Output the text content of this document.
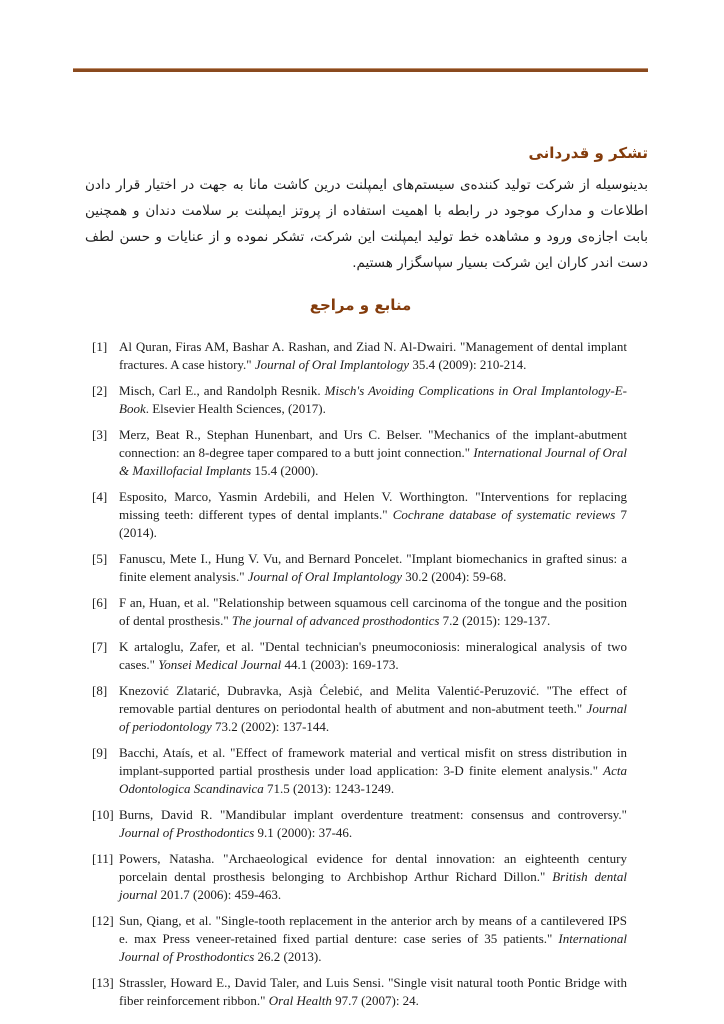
تشکر و قدردانی

بدینوسیله از شرکت تولید کننده‌ی سیستم‌های ایمپلنت درین کاشت مانا به جهت در اختیار قرار دادن اطلاعات و مدارک موجود در رابطه با اهمیت استفاده از پروتز ایمپلنت بر سلامت دندان و همچنین بابت اجازه‌ی ورود و مشاهده خط تولید ایمپلنت این شرکت، تشکر نموده و از عنایات و حسن لطف دست اندر کاران این شرکت بسیار سپاسگزار هستیم.

منابع و مراجع
[1] Al Quran, Firas AM, Bashar A. Rashan, and Ziad N. Al-Dwairi. "Management of dental implant fractures. A case history." Journal of Oral Implantology 35.4 (2009): 210-214.
[2] Misch, Carl E., and Randolph Resnik. Misch's Avoiding Complications in Oral Implantology-E-Book. Elsevier Health Sciences, (2017).
[3] Merz, Beat R., Stephan Hunenbart, and Urs C. Belser. "Mechanics of the implant-abutment connection: an 8-degree taper compared to a butt joint connection." International Journal of Oral & Maxillofacial Implants 15.4 (2000).
[4] Esposito, Marco, Yasmin Ardebili, and Helen V. Worthington. "Interventions for replacing missing teeth: different types of dental implants." Cochrane database of systematic reviews 7 (2014).
[5] Fanuscu, Mete I., Hung V. Vu, and Bernard Poncelet. "Implant biomechanics in grafted sinus: a finite element analysis." Journal of Oral Implantology 30.2 (2004): 59-68.
[6] F an, Huan, et al. "Relationship between squamous cell carcinoma of the tongue and the position of dental prosthesis." The journal of advanced prosthodontics 7.2 (2015): 129-137.
[7] K artaloglu, Zafer, et al. "Dental technician's pneumoconiosis: mineralogical analysis of two cases." Yonsei Medical Journal 44.1 (2003): 169-173.
[8] Knezović Zlatarić, Dubravka, Asjà Ćelebić, and Melita Valentić-Peruzović. "The effect of removable partial dentures on periodontal health of abutment and non-abutment teeth." Journal of periodontology 73.2 (2002): 137-144.
[9] Bacchi, Ataís, et al. "Effect of framework material and vertical misfit on stress distribution in implant-supported partial prosthesis under load application: 3-D finite element analysis." Acta Odontologica Scandinavica 71.5 (2013): 1243-1249.
[10] Burns, David R. "Mandibular implant overdenture treatment: consensus and controversy." Journal of Prosthodontics 9.1 (2000): 37-46.
[11] Powers, Natasha. "Archaeological evidence for dental innovation: an eighteenth century porcelain dental prosthesis belonging to Archbishop Arthur Richard Dillon." British dental journal 201.7 (2006): 459-463.
[12] Sun, Qiang, et al. "Single-tooth replacement in the anterior arch by means of a cantilevered IPS e. max Press veneer-retained fixed partial denture: case series of 35 patients." International Journal of Prosthodontics 26.2 (2013).
[13] Strassler, Howard E., David Taler, and Luis Sensi. "Single visit natural tooth Pontic Bridge with fiber reinforcement ribbon." Oral Health 97.7 (2007): 24.
